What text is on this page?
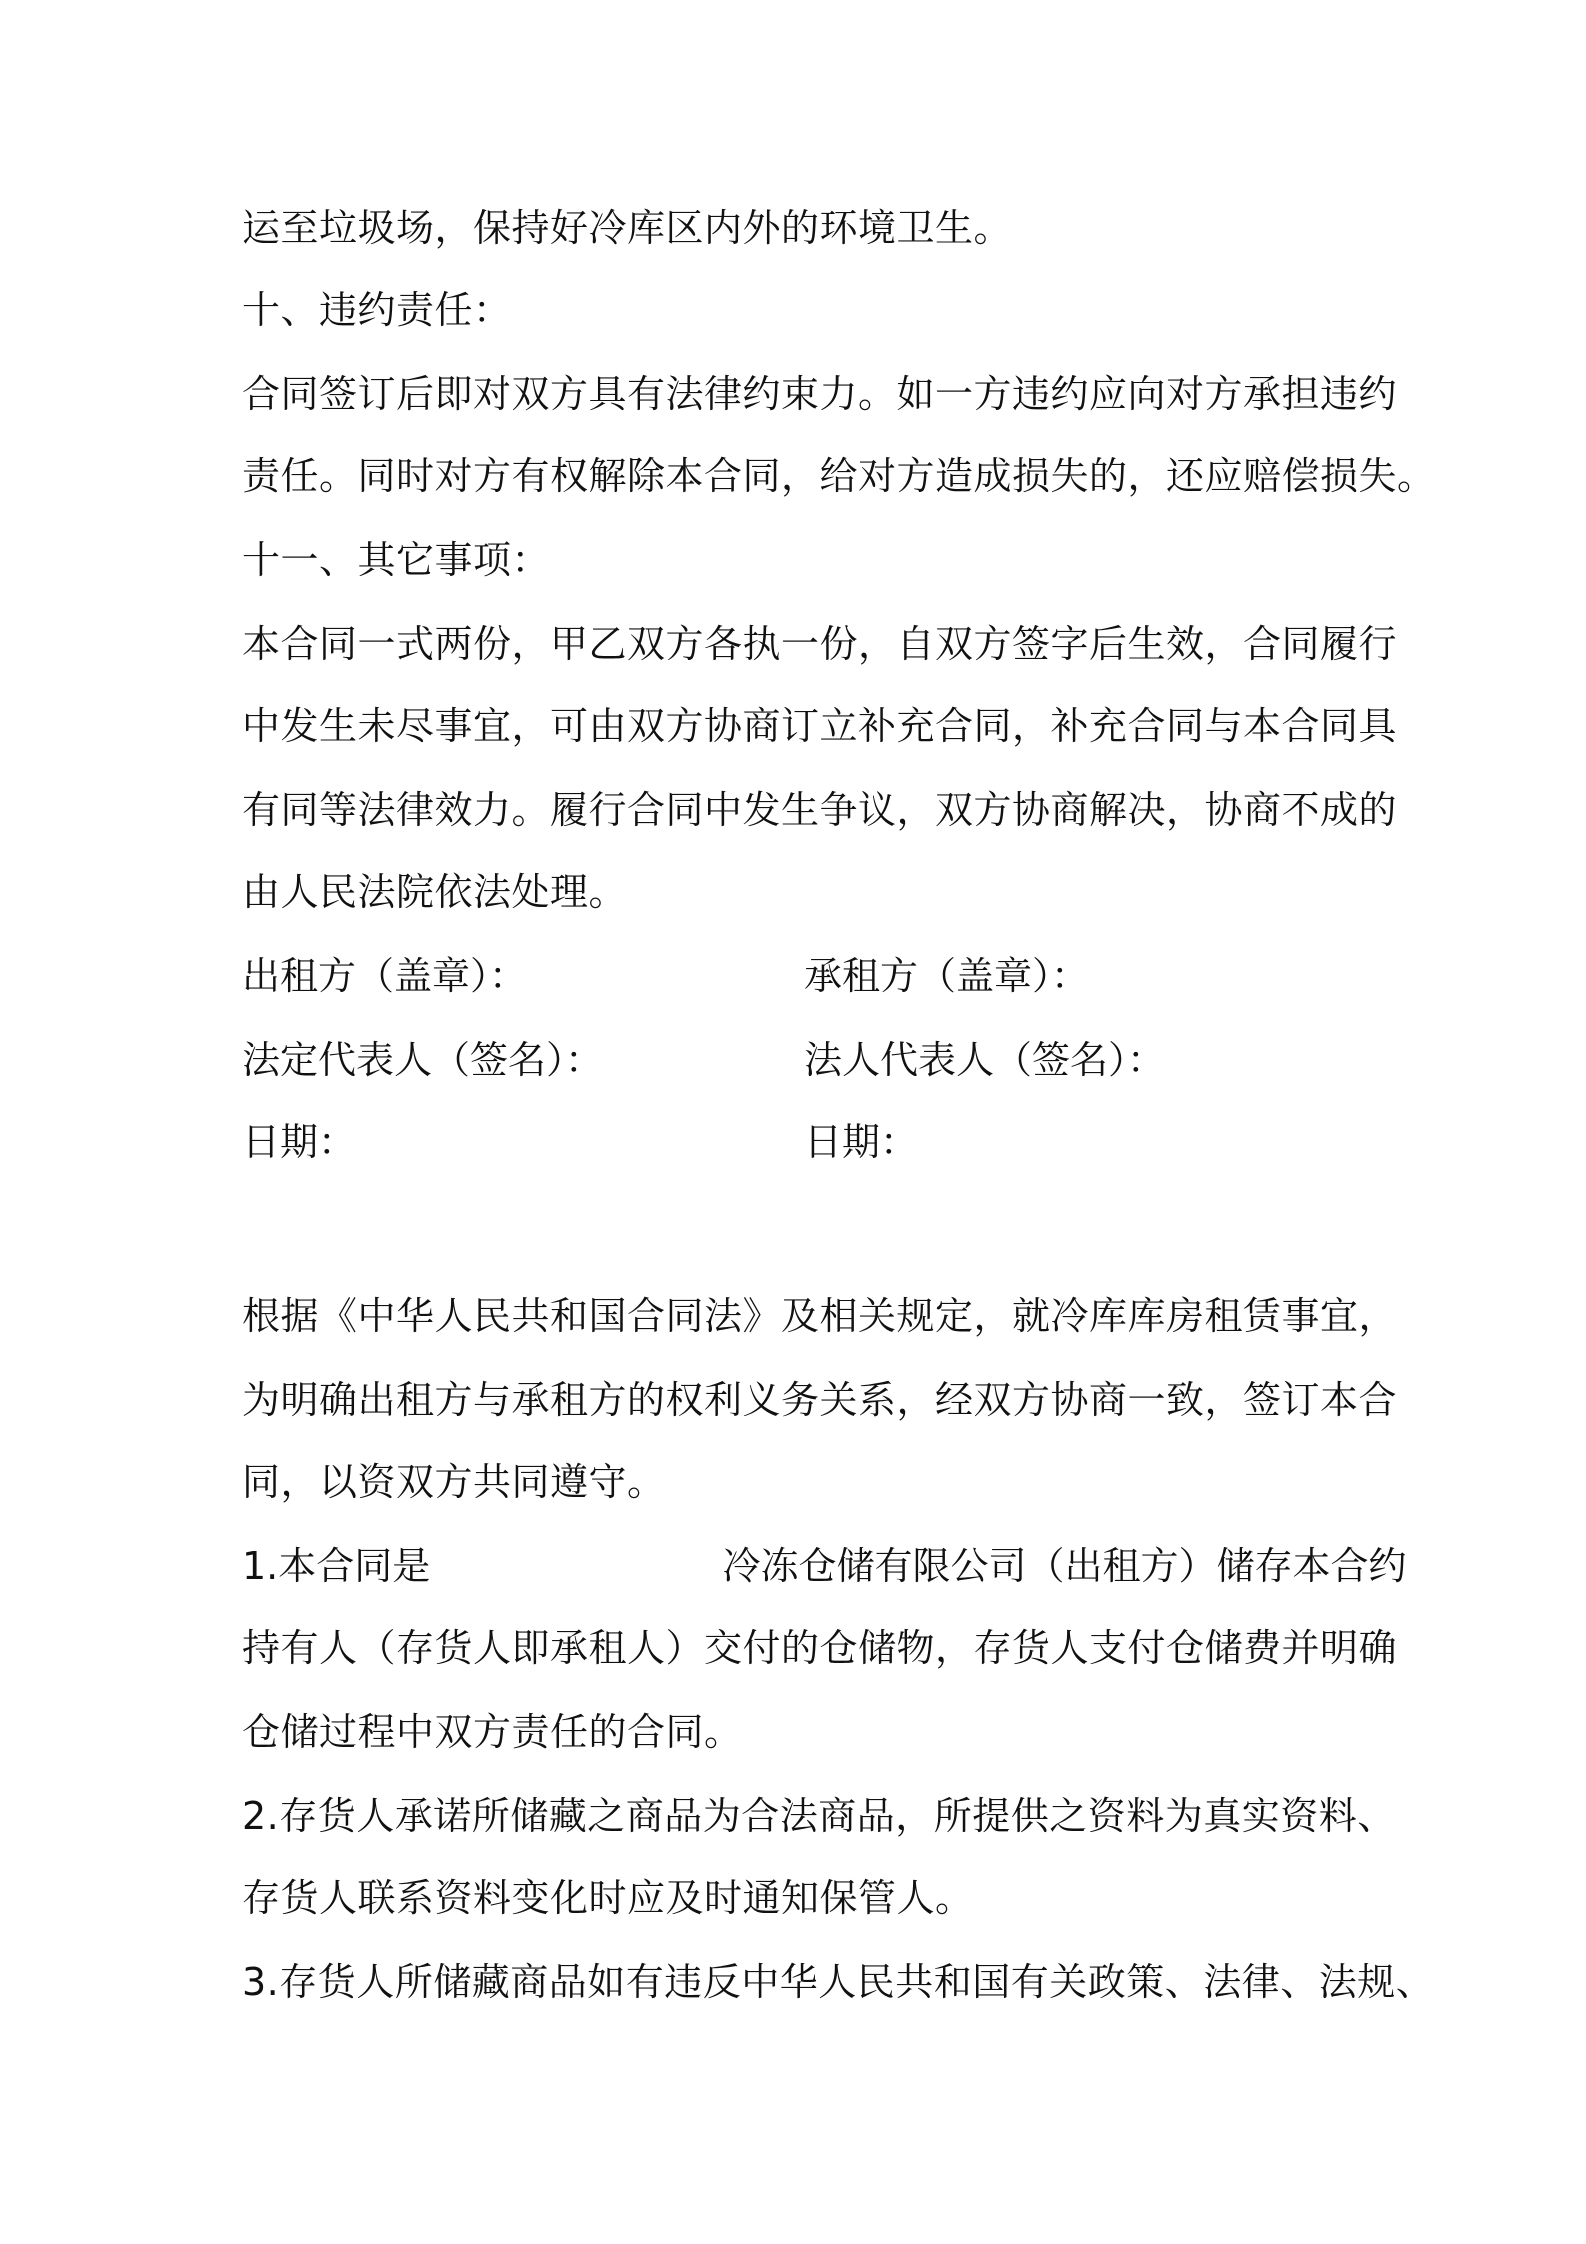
运至垃圾场，保持好冷库区内外的环境卫生。
十、违约责任：
合同签订后即对双方具有法律约束力。如一方违约应向对方承担违约
责任。同时对方有权解除本合同，给对方造成损失的，还应赔偿损失。
十一、其它事项：
本合同一式两份，甲乙双方各执一份，自双方签字后生效，合同履行
中发生未尽事宜，可由双方协商订立补充合同，补充合同与本合同具
有同等法律效力。履行合同中发生争议，双方协商解决，协商不成的
由人民法院依法处理。
出租方（盖章）：	承租方（盖章）：
法定代表人（签名）：	法人代表人（签名）：
日期：	日期：
根据《中华人民共和国合同法》及相关规定，就冷库库房租赁事宜，
为明确出租方与承租方的权利义务关系，经双方协商一致，签订本合
同，以资双方共同遵守。
1.本合同是	冷冻仓储有限公司（出租方）储存本合约
持有人（存货人即承租人）交付的仓储物，存货人支付仓储费并明确
仓储过程中双方责任的合同。
2.存货人承诺所储藏之商品为合法商品，所提供之资料为真实资料、
存货人联系资料变化时应及时通知保管人。
3.存货人所储藏商品如有违反中华人民共和国有关政策、法律、法规、
